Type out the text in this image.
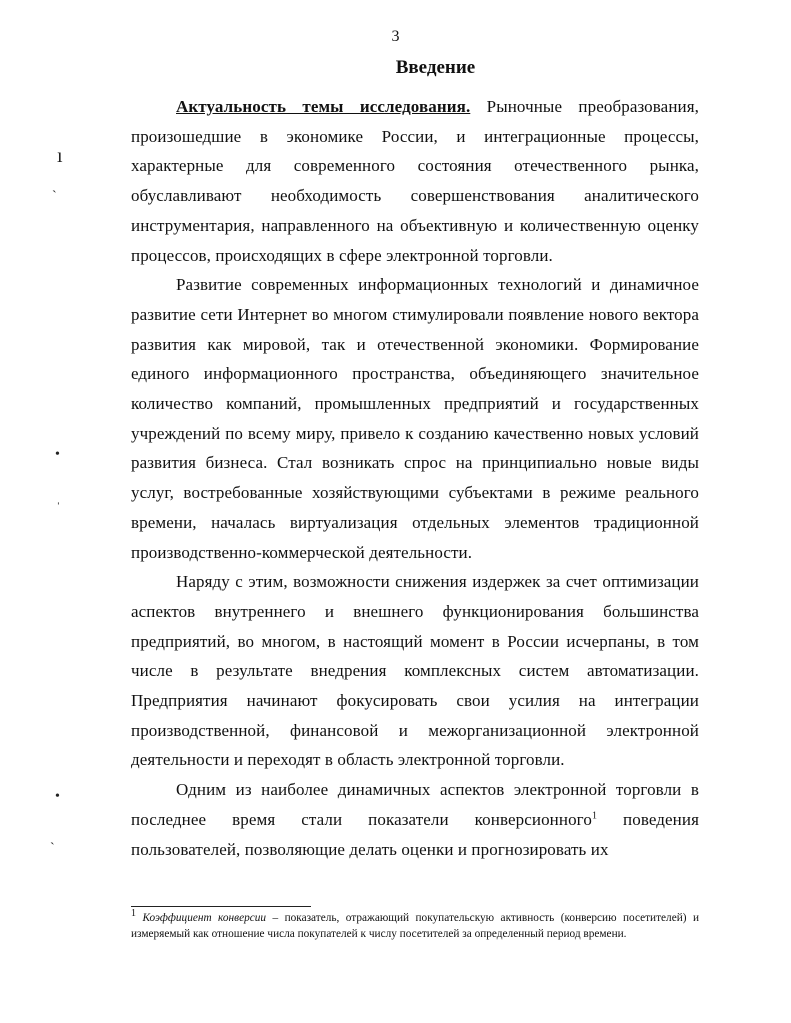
3
Введение

Актуальность темы исследования. Рыночные преобразования, произошедшие в экономике России, и интеграционные процессы, характерные для современного состояния отечественного рынка, обуславливают необходимость совершенствования аналитического инструментария, направленного на объективную и количественную оценку процессов, происходящих в сфере электронной торговли.

Развитие современных информационных технологий и динамичное развитие сети Интернет во многом стимулировали появление нового вектора развития как мировой, так и отечественной экономики. Формирование единого информационного пространства, объединяющего значительное количество компаний, промышленных предприятий и государственных учреждений по всему миру, привело к созданию качественно новых условий развития бизнеса. Стал возникать спрос на принципиально новые виды услуг, востребованные хозяйствующими субъектами в режиме реального времени, началась виртуализация отдельных элементов традиционной производственно-коммерческой деятельности.

Наряду с этим, возможности снижения издержек за счет оптимизации аспектов внутреннего и внешнего функционирования большинства предприятий, во многом, в настоящий момент в России исчерпаны, в том числе в результате внедрения комплексных систем автоматизации. Предприятия начинают фокусировать свои усилия на интеграции производственной, финансовой и межорганизационной электронной деятельности и переходят в область электронной торговли.

Одним из наиболее динамичных аспектов электронной торговли в последнее время стали показатели конверсионного$^1$ поведения пользователей, позволяющие делать оценки и прогнозировать их

$^1$ Коэффициент конверсии – показатель, отражающий покупательскую активность (конверсию посетителей) и измеряемый как отношение числа покупателей к числу посетителей за определенный период времени.
ı
ˋ
•
ˈ
•
ˋ
